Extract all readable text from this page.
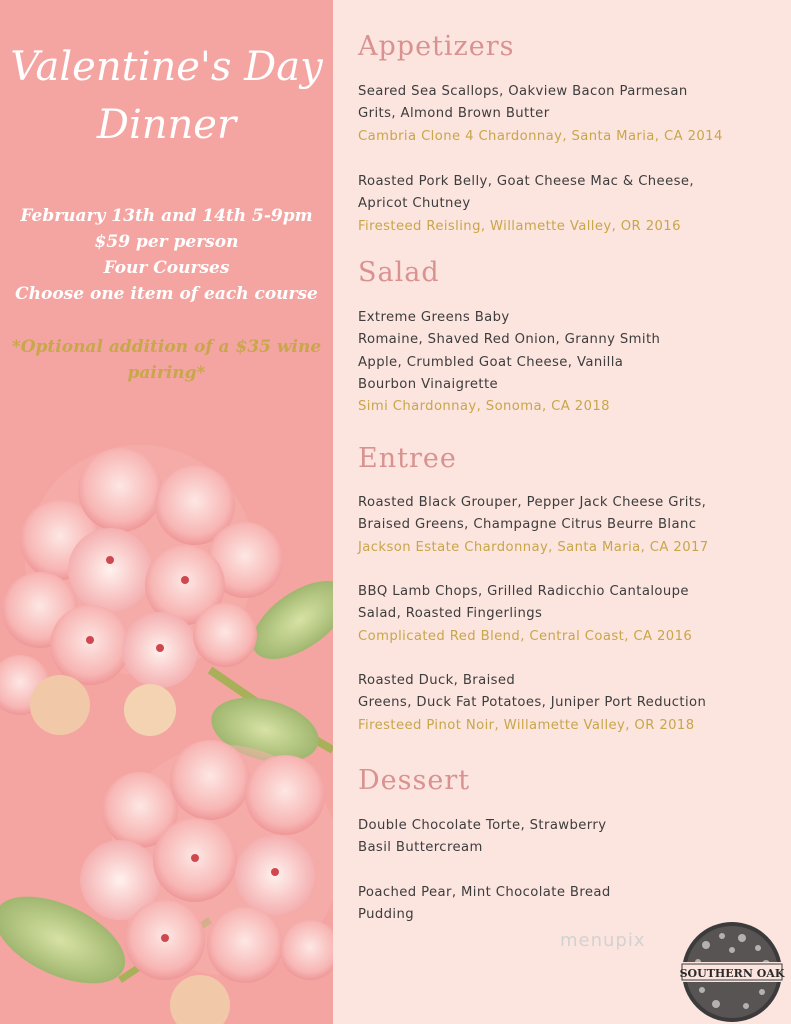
Valentine's Day
Dinner
February 13th and 14th 5-9pm
$59 per person
Four Courses
Choose one item of each course
*Optional addition of a $35 wine
pairing*
Appetizers
Seared Sea Scallops, Oakview Bacon Parmesan
Grits, Almond Brown Butter
Cambria Clone 4 Chardonnay, Santa Maria, CA 2014
Roasted Pork Belly, Goat Cheese Mac & Cheese,
Apricot Chutney
Firesteed Reisling, Willamette Valley, OR 2016
Salad
Extreme Greens Baby
Romaine, Shaved Red Onion, Granny Smith
Apple, Crumbled Goat Cheese, Vanilla
Bourbon Vinaigrette
Simi Chardonnay, Sonoma, CA 2018
Entree
Roasted Black Grouper, Pepper Jack Cheese Grits,
Braised Greens, Champagne Citrus Beurre Blanc
Jackson Estate Chardonnay, Santa Maria, CA 2017
BBQ Lamb Chops, Grilled Radicchio Cantaloupe
Salad, Roasted Fingerlings
Complicated Red Blend, Central Coast, CA 2016
Roasted Duck, Braised
Greens, Duck Fat Potatoes, Juniper Port Reduction
Firesteed Pinot Noir, Willamette Valley, OR 2018
Dessert
Double Chocolate Torte, Strawberry
Basil Buttercream
Poached Pear, Mint Chocolate Bread
Pudding
menupix
SOUTHERN OAK
